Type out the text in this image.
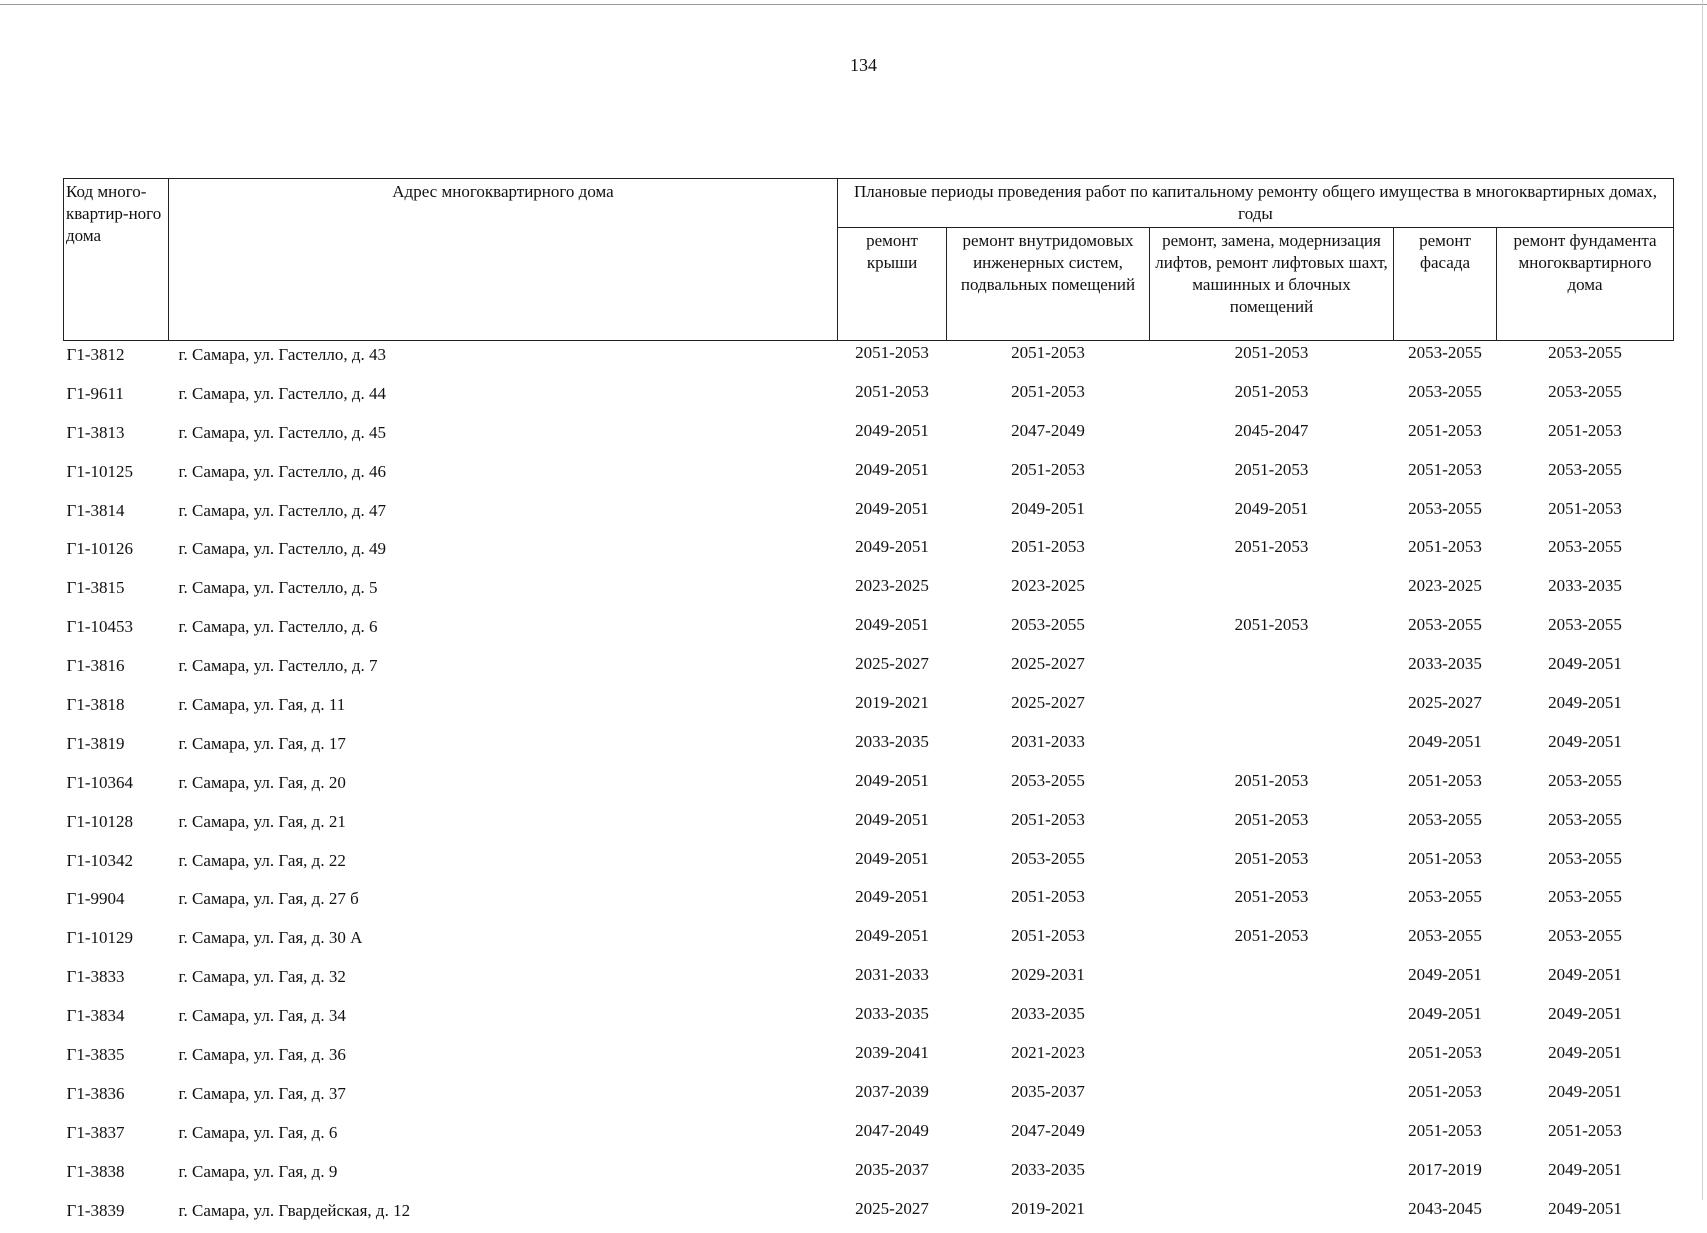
134
Код много-квартир-ного дома	Адрес многоквартирного дома	Плановые периоды проведения работ по капитальному ремонту общего имущества в многоквартирных домах, годы				
		ремонт крыши	ремонт внутридомовых инженерных систем, подвальных помещений	ремонт, замена, модернизация лифтов, ремонт лифтовых шахт, машинных и блочных помещений	ремонт фасада	ремонт фундамента многоквартирного дома
Г1-3812	г. Самара, ул. Гастелло, д. 43	2051-2053	2051-2053	2051-2053	2053-2055	2053-2055
Г1-9611	г. Самара, ул. Гастелло, д. 44	2051-2053	2051-2053	2051-2053	2053-2055	2053-2055
Г1-3813	г. Самара, ул. Гастелло, д. 45	2049-2051	2047-2049	2045-2047	2051-2053	2051-2053
Г1-10125	г. Самара, ул. Гастелло, д. 46	2049-2051	2051-2053	2051-2053	2051-2053	2053-2055
Г1-3814	г. Самара, ул. Гастелло, д. 47	2049-2051	2049-2051	2049-2051	2053-2055	2051-2053
Г1-10126	г. Самара, ул. Гастелло, д. 49	2049-2051	2051-2053	2051-2053	2051-2053	2053-2055
Г1-3815	г. Самара, ул. Гастелло, д. 5	2023-2025	2023-2025		2023-2025	2033-2035
Г1-10453	г. Самара, ул. Гастелло, д. 6	2049-2051	2053-2055	2051-2053	2053-2055	2053-2055
Г1-3816	г. Самара, ул. Гастелло, д. 7	2025-2027	2025-2027		2033-2035	2049-2051
Г1-3818	г. Самара, ул. Гая, д. 11	2019-2021	2025-2027		2025-2027	2049-2051
Г1-3819	г. Самара, ул. Гая, д. 17	2033-2035	2031-2033		2049-2051	2049-2051
Г1-10364	г. Самара, ул. Гая, д. 20	2049-2051	2053-2055	2051-2053	2051-2053	2053-2055
Г1-10128	г. Самара, ул. Гая, д. 21	2049-2051	2051-2053	2051-2053	2053-2055	2053-2055
Г1-10342	г. Самара, ул. Гая, д. 22	2049-2051	2053-2055	2051-2053	2051-2053	2053-2055
Г1-9904	г. Самара, ул. Гая, д. 27 б	2049-2051	2051-2053	2051-2053	2053-2055	2053-2055
Г1-10129	г. Самара, ул. Гая, д. 30 А	2049-2051	2051-2053	2051-2053	2053-2055	2053-2055
Г1-3833	г. Самара, ул. Гая, д. 32	2031-2033	2029-2031		2049-2051	2049-2051
Г1-3834	г. Самара, ул. Гая, д. 34	2033-2035	2033-2035		2049-2051	2049-2051
Г1-3835	г. Самара, ул. Гая, д. 36	2039-2041	2021-2023		2051-2053	2049-2051
Г1-3836	г. Самара, ул. Гая, д. 37	2037-2039	2035-2037		2051-2053	2049-2051
Г1-3837	г. Самара, ул. Гая, д. 6	2047-2049	2047-2049		2051-2053	2051-2053
Г1-3838	г. Самара, ул. Гая, д. 9	2035-2037	2033-2035		2017-2019	2049-2051
Г1-3839	г. Самара, ул. Гвардейская, д. 12	2025-2027	2019-2021		2043-2045	2049-2051
